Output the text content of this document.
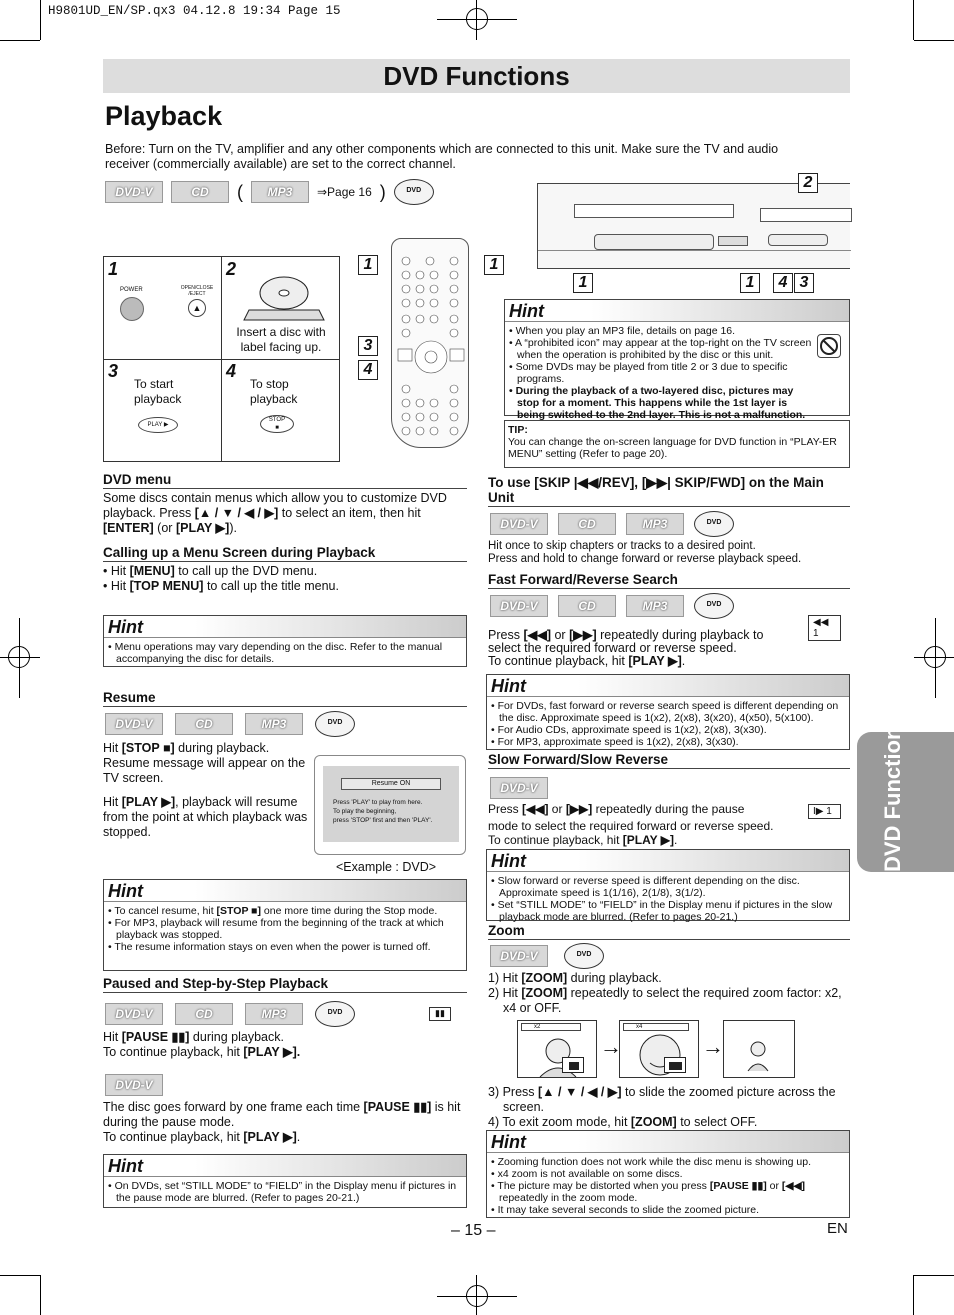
H9801UD_EN/SP.qx3 04.12.8 19:34 Page 15
DVD Functions
Playback
Before: Turn on the TV, amplifier and any other components which are connected to this unit. Make sure the TV and audio receiver (commercially available) are set to the correct channel.
DVD-V	CD	(	MP3	⇒Page 16 )	DVD
1	2
3	4
POWER	OPEN/CLOSE /EJECT
▲
Insert a disc with label facing up.
To start playback
PLAY ▶
To stop playback
STOP
■
1	1
3
4
2
1	1	4 3
Hint
• When you play an MP3 file, details on page 16.
• A “prohibited icon” may appear at the top-right on the TV screen when the operation is prohibited by the disc or this unit.
• Some DVDs may be played from title 2 or 3 due to specific programs.
• During the playback of a two-layered disc, pictures may stop for a moment. This happens while the 1st layer is being switched to the 2nd layer. This is not a malfunction.
TIP:
You can change the on-screen language for DVD function in “PLAY-ER MENU” setting (Refer to page 20).
DVD menu
Some discs contain menus which allow you to customize DVD playback. Press [▲ / ▼ / ◀ / ▶] to select an item, then hit [ENTER] (or [PLAY ▶]).
Calling up a Menu Screen during Playback
• Hit [MENU] to call up the DVD menu.
• Hit [TOP MENU] to call up the title menu.
Hint
• Menu operations may vary depending on the disc. Refer to the manual accompanying the disc for details.
Resume
DVD-V	CD	MP3	DVD
Hit [STOP ■] during playback. Resume message will appear on the TV screen.
Hit [PLAY ▶], playback will resume from the point at which playback was stopped.
Resume ON
Press 'PLAY' to play from here.
To play the beginning,
press 'STOP' first and then 'PLAY'.
<Example : DVD>
Hint
• To cancel resume, hit [STOP ■] one more time during the Stop mode.
• For MP3, playback will resume from the beginning of the track at which playback was stopped.
• The resume information stays on even when the power is turned off.
Paused and Step-by-Step Playback
DVD-V	CD	MP3	DVD	▮▮
Hit [PAUSE ▮▮] during playback.
To continue playback, hit [PLAY ▶].
DVD-V
The disc goes forward by one frame each time [PAUSE ▮▮] is hit during the pause mode.
To continue playback, hit [PLAY ▶].
Hint
• On DVDs, set “STILL MODE” to “FIELD” in the Display menu if pictures in the pause mode are blurred. (Refer to pages 20-21.)
To use [SKIP |◀◀/REV], [▶▶| SKIP/FWD] on the Main Unit
DVD-V	CD	MP3	DVD
Hit once to skip chapters or tracks to a desired point.
Press and hold to change forward or reverse playback speed.
Fast Forward/Reverse Search
DVD-V	CD	MP3	DVD
◀◀ 1
Press [◀◀] or [▶▶] repeatedly during playback to select the required forward or reverse speed.
To continue playback, hit [PLAY ▶].
Hint
• For DVDs, fast forward or reverse search speed is different depending on the disc. Approximate speed is 1(x2), 2(x8), 3(x20), 4(x50), 5(x100).
• For Audio CDs, approximate speed is 1(x2), 2(x8), 3(x30).
• For MP3, approximate speed is 1(x2), 2(x8), 3(x30).
Slow Forward/Slow Reverse
DVD-V
I▶ 1
Press [◀◀] or [▶▶] repeatedly during the pause
mode to select the required forward or reverse speed.
To continue playback, hit [PLAY ▶].
Hint
• Slow forward or reverse speed is different depending on the disc. Approximate speed is 1(1/16), 2(1/8), 3(1/2).
• Set “STILL MODE” to “FIELD” in the Display menu if pictures in the slow playback mode are blurred. (Refer to pages 20-21.)
Zoom
DVD-V	DVD
1) Hit [ZOOM] during playback.
2) Hit [ZOOM] repeatedly to select the required zoom factor: x2, x4 or OFF.
x2
→
x4
→
3) Press [▲ / ▼ / ◀ / ▶] to slide the zoomed picture across the screen.
4) To exit zoom mode, hit [ZOOM] to select OFF.
Hint
• Zooming function does not work while the disc menu is showing up.
• x4 zoom is not available on some discs.
• The picture may be distorted when you press [PAUSE ▮▮] or [◀◀] repeatedly in the zoom mode.
• It may take several seconds to slide the zoomed picture.
– 15 –	EN
DVD Functions
